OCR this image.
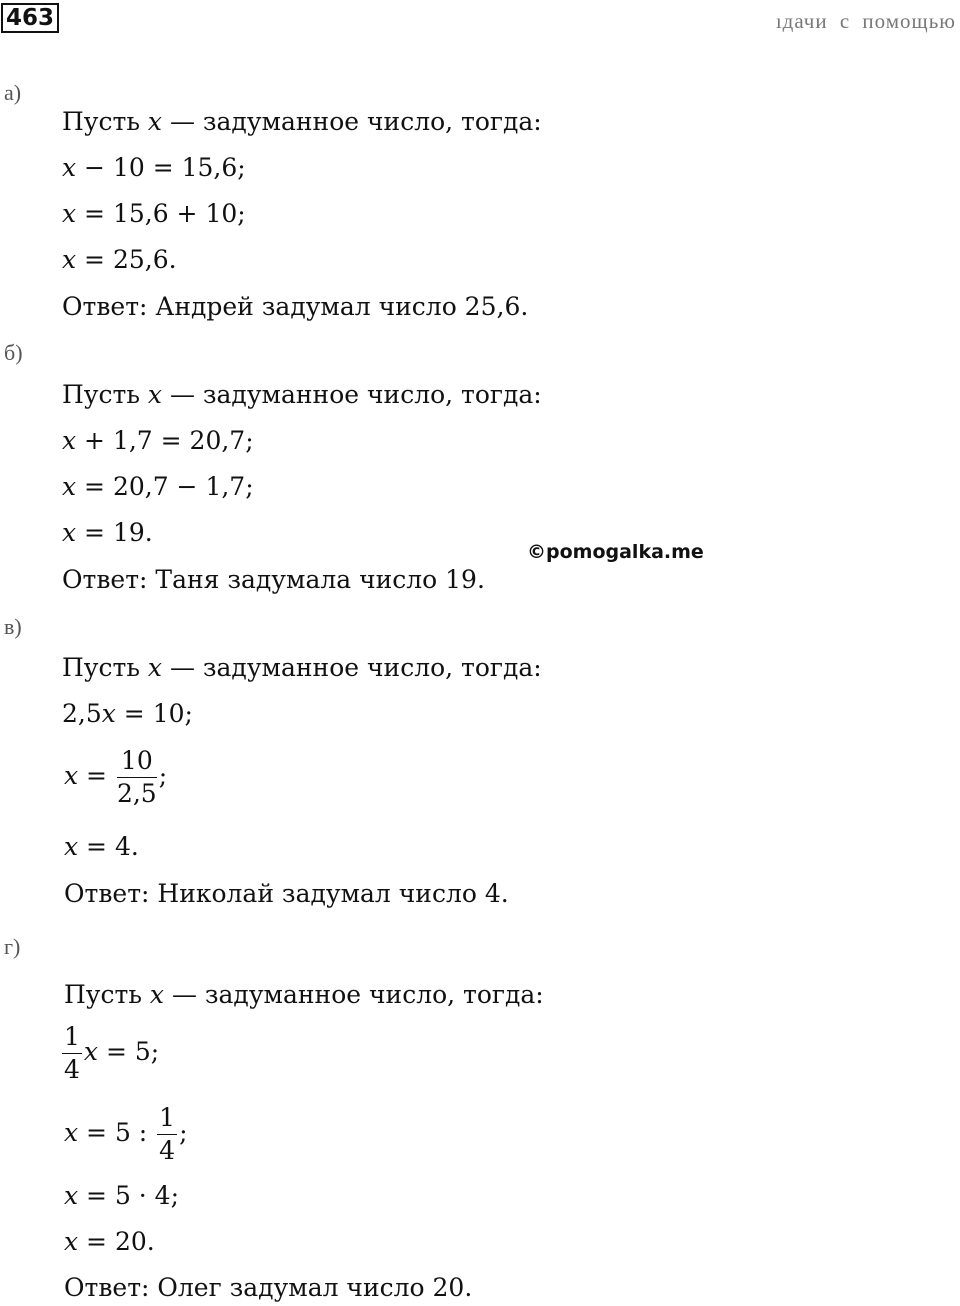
463	ıдачи с помощью
а)
Пусть 𝑥 — задуманное число, тогда:
𝑥 − 10 = 15,6;
𝑥 = 15,6 + 10;
𝑥 = 25,6.
Ответ: Андрей задумал число 25,6.
б)
Пусть 𝑥 — задуманное число, тогда:
𝑥 + 1,7 = 20,7;
𝑥 = 20,7 − 1,7;
𝑥 = 19.
Ответ: Таня задумала число 19.
©pomogalka.me
в)
Пусть 𝑥 — задуманное число, тогда:
2,5𝑥 = 10;
𝑥 = $\frac{10}{2,5}$ ;
𝑥 = 4.
Ответ: Николай задумал число 4.
г)
Пусть 𝑥 — задуманное число, тогда:
$\frac{1}{4}$ 𝑥 = 5;
𝑥 = 5 : $\frac{1}{4}$ ;
𝑥 = 5 · 4;
𝑥 = 20.
Ответ: Олег задумал число 20.
